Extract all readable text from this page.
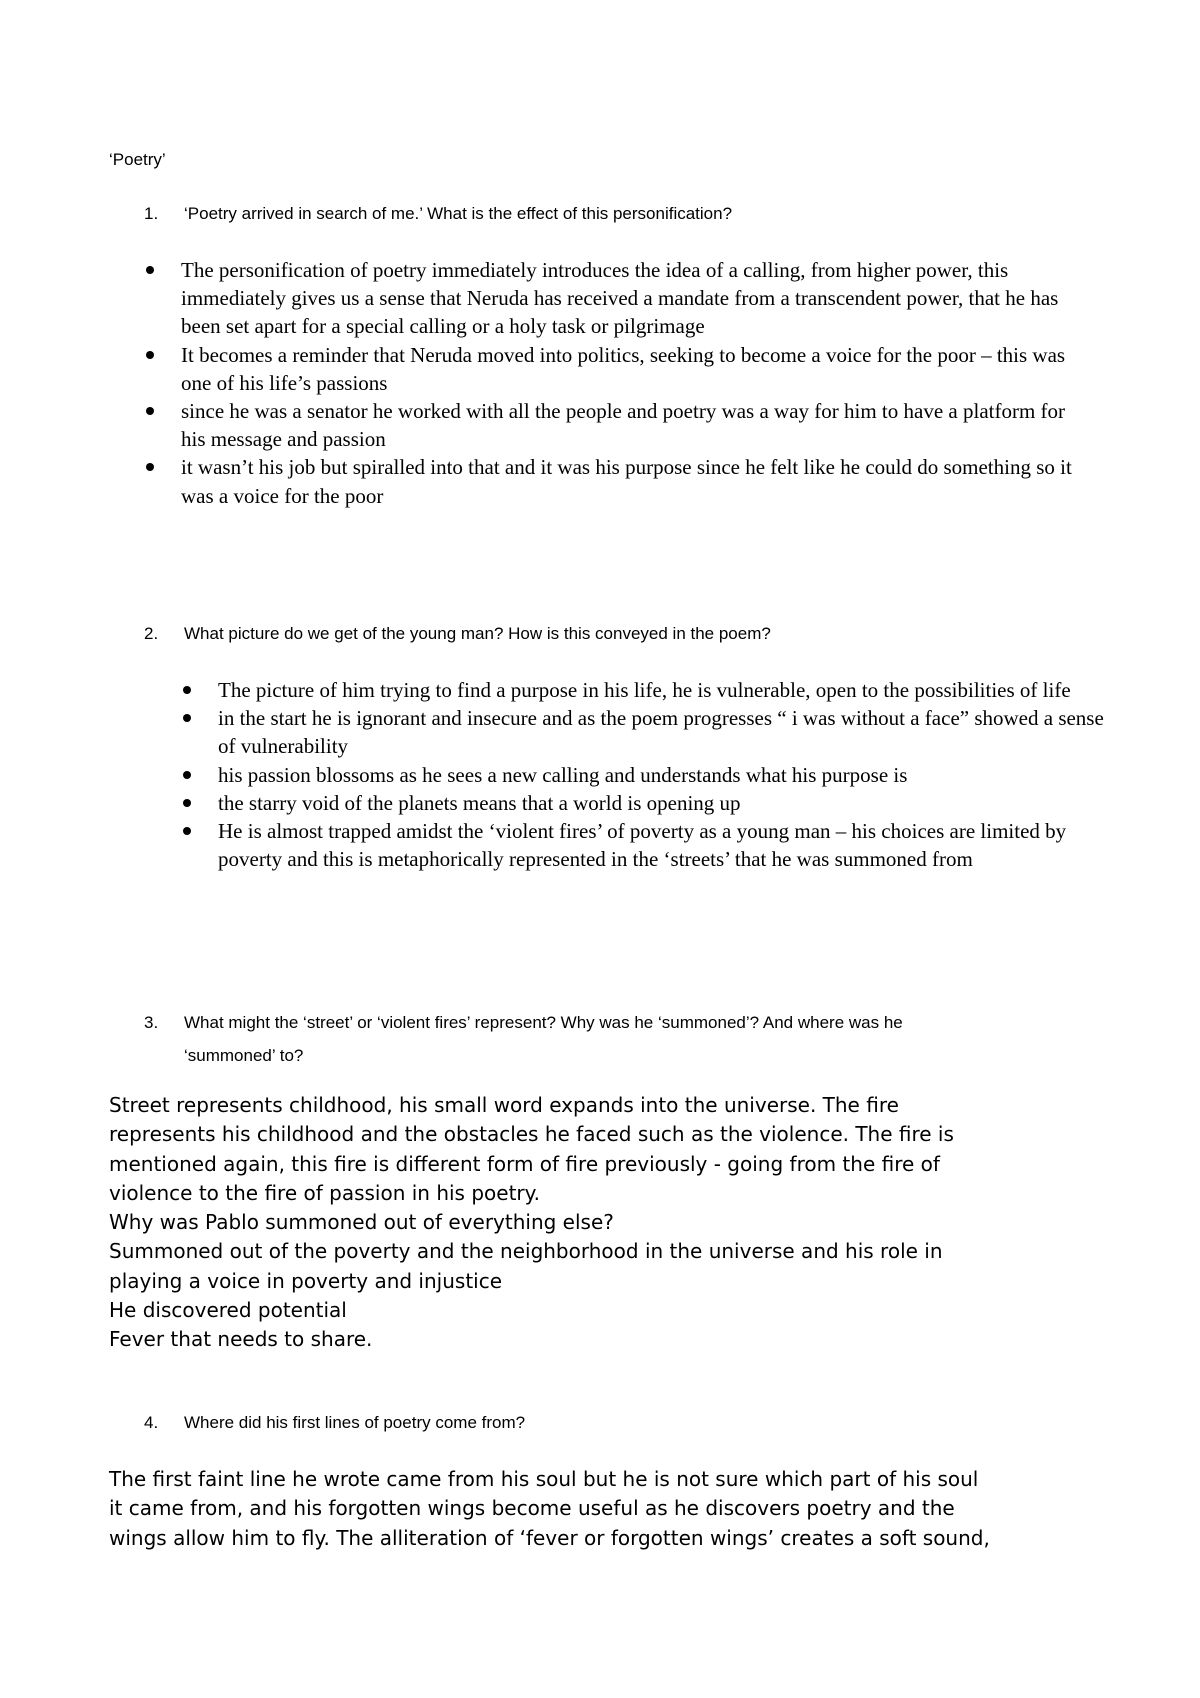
‘Poetry’
1.	‘Poetry arrived in search of me.’ What is the effect of this personification?
The personification of poetry immediately introduces the idea of a calling, from higher power, this immediately gives us a sense that Neruda has received a mandate from a transcendent power, that he has been set apart for a special calling or a holy task or pilgrimage
It becomes a reminder that Neruda moved into politics, seeking to become a voice for the poor – this was one of his life’s passions
since he was a senator he worked with all the people and poetry was a way for him to have a platform for his message and passion
it wasn’t his job but spiralled into that and it was his purpose since he felt like he could do something so it was a voice for the poor
2.	What picture do we get of the young man? How is this conveyed in the poem?
The picture of him trying to find a purpose in his life, he is vulnerable, open to the possibilities of life
in the start he is ignorant and insecure and as the poem progresses “ i was without a face” showed a sense of vulnerability
his passion blossoms as he sees a new calling and understands what his purpose is
the starry void of the planets means that a world is opening up
He is almost trapped amidst the ‘violent fires’ of poverty as a young man – his choices are limited by poverty and this is metaphorically represented in the ‘streets’ that he was summoned from
3.	What might the ‘street’ or ‘violent fires’ represent? Why was he ‘summoned’? And where was he
‘summoned’ to?
Street represents childhood, his small word expands into the universe. The fire
represents his childhood and the obstacles he faced such as the violence. The fire is
mentioned again, this fire is different form of fire previously - going from the fire of
violence to the fire of passion in his poetry.
Why was Pablo summoned out of everything else?
Summoned out of the poverty and the neighborhood in the universe and his role in
playing a voice in poverty and injustice
He discovered potential
Fever that needs to share.
4.	Where did his first lines of poetry come from?
The first faint line he wrote came from his soul but he is not sure which part of his soul
it came from, and his forgotten wings become useful as he discovers poetry and the
wings allow him to fly. The alliteration of ‘fever or forgotten wings’ creates a soft sound,
